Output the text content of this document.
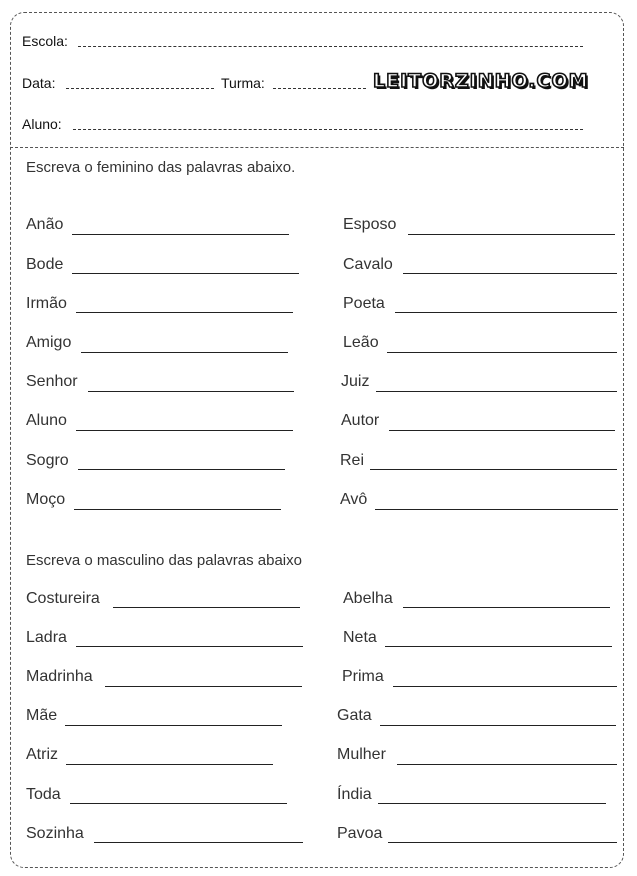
Escola:
Data:	Turma:	LEITORZINHO.COM
Aluno:
Escreva o feminino das palavras abaixo.
Anão
Bode
Irmão
Amigo
Senhor
Aluno
Sogro
Moço
Esposo
Cavalo
Poeta
Leão
Juiz
Autor
Rei
Avô
Escreva o masculino das palavras abaixo
Costureira
Ladra
Madrinha
Mãe
Atriz
Toda
Sozinha
Abelha
Neta
Prima
Gata
Mulher
Índia
Pavoa
